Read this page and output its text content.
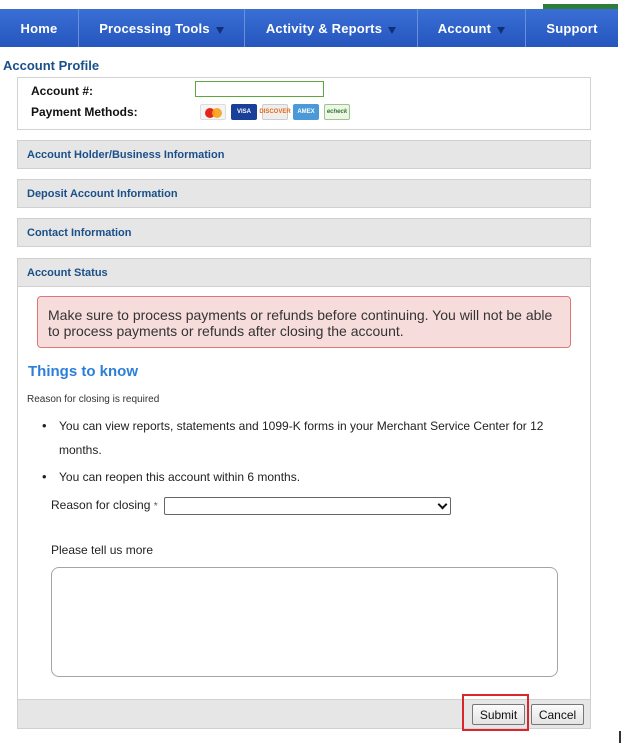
Home	Processing Tools	Activity & Reports	Account	Support
Account Profile
Account #:
Payment Methods:	VISA	DISCOVER	AMEX	echeck
Account Holder/Business Information
Deposit Account Information
Contact Information
Account Status
Make sure to process payments or refunds before continuing. You will not be able to process payments or refunds after closing the account.
Things to know
Reason for closing is required
• You can view reports, statements and 1099-K forms in your Merchant Service Center for 12 months.
• You can reopen this account within 6 months.
Reason for closing *
Please tell us more
Submit	Cancel
